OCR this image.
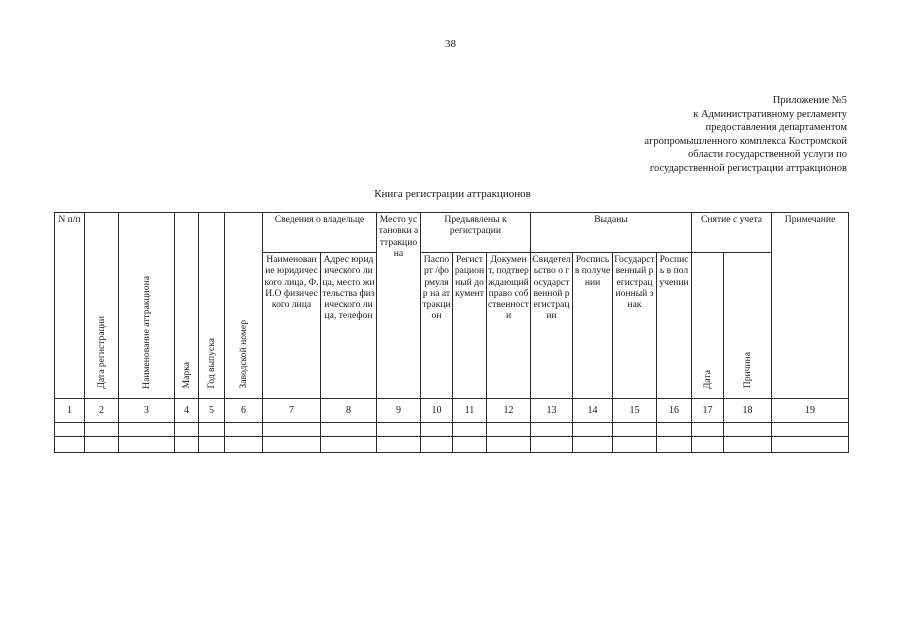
38
Приложение №5
к Административному регламенту
предоставления департаментом
агропромышленного комплекса Костромской
области государственной услуги по
государственной регистрации аттракционов
Книга регистрации аттракционов
N п/п	Дата регистрации	Наименование аттракциона	Марка	Год выпуска	Заводской номер	Сведения о владельце		Место установки аттракциона	Предъявлены к регистрации			Выданы				Снятие с учета		Примечание
						Наименование юридического лица, Ф.И.О физического лица	Адрес юридического лица, место жительства физического лица, телефон		Паспорт /формуляр на аттракцион	Регистрационный документ	Документ, подтверждающий право собственности	Свидетельство о государственной регистрации	Роспись в получении	Государственный регистрационный знак	Роспись в получении	Дата	Причина	
1	2	3	4	5	6	7	8	9	10	11	12	13	14	15	16	17	18	19
